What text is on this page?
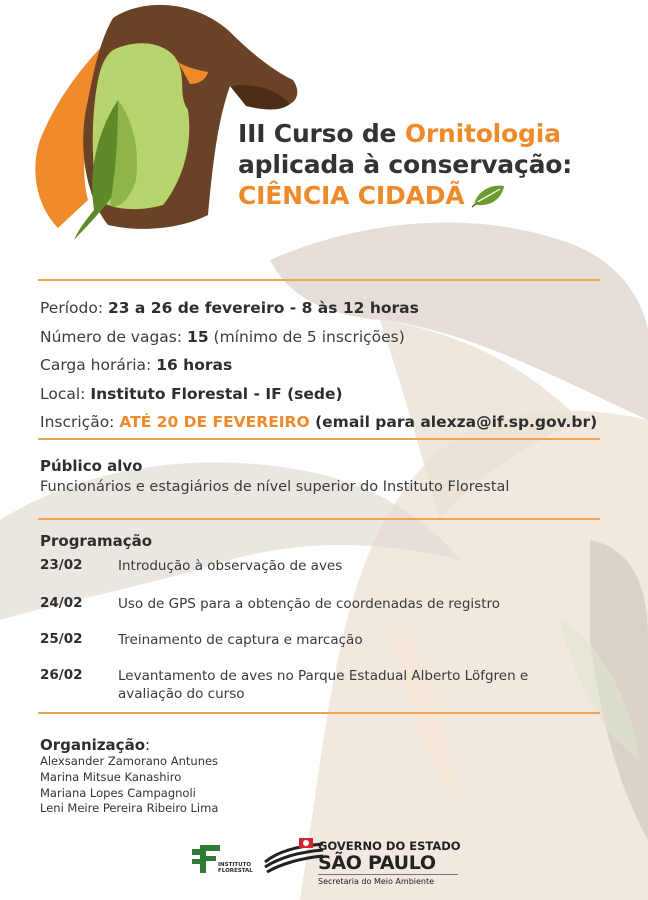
III Curso de Ornitologia
aplicada à conservação:
CIÊNCIA CIDADÃ
Período: 23 a 26 de fevereiro - 8 às 12 horas
Número de vagas: 15 (mínimo de 5 inscrições)
Carga horária: 16 horas
Local: Instituto Florestal - IF (sede)
Inscrição: ATÉ 20 DE FEVEREIRO (email para alexza@if.sp.gov.br)
Público alvo
Funcionários e estagiários de nível superior do Instituto Florestal
Programação
23/02	Introdução à observação de aves
24/02	Uso de GPS para a obtenção de coordenadas de registro
25/02	Treinamento de captura e marcação
26/02	Levantamento de aves no Parque Estadual Alberto Löfgren e avaliação do curso
Organização:
Alexsander Zamorano Antunes
Marina Mitsue Kanashiro
Mariana Lopes Campagnoli
Leni Meire Pereira Ribeiro Lima
INSTITUTO FLORESTAL
GOVERNO DO ESTADO
SÃO PAULO
Secretaria do Meio Ambiente
